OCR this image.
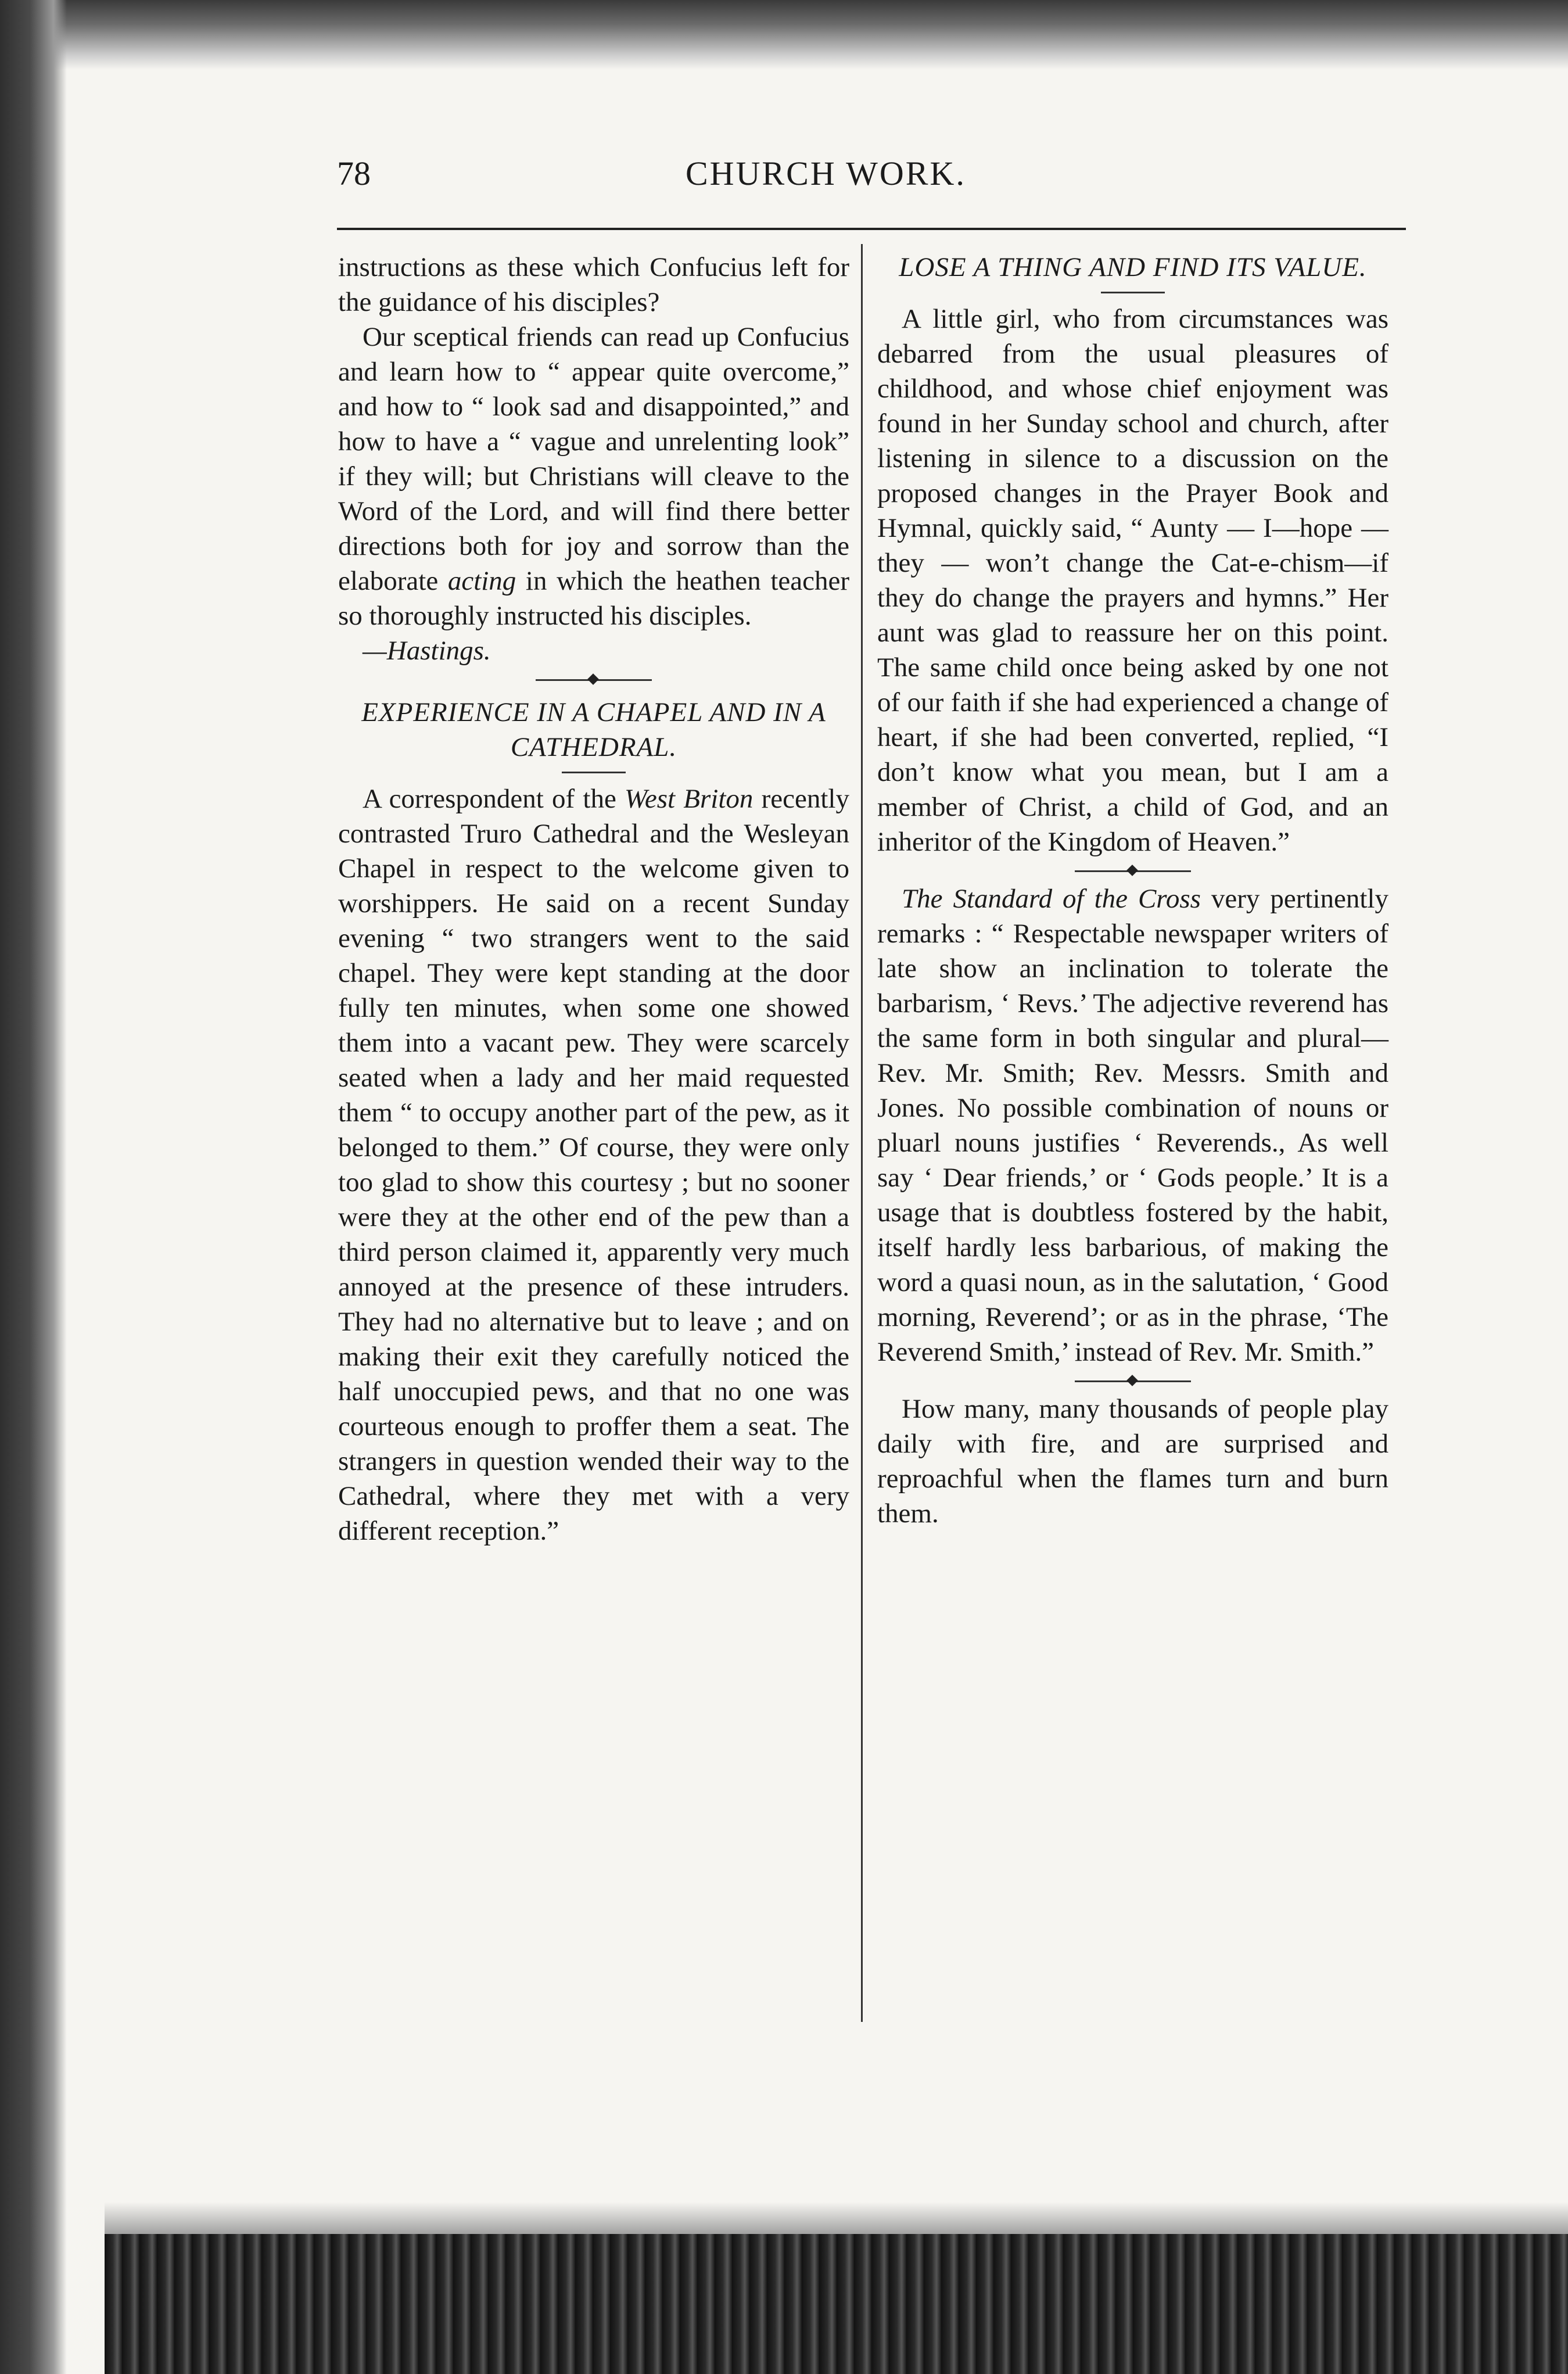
78	CHURCH WORK.

instructions as these which Confucius left for the guidance of his disciples?

Our sceptical friends can read up Confucius and learn how to “ appear quite overcome,” and how to “ look sad and disappointed,” and how to have a “ vague and unrelenting look” if they will; but Christians will cleave to the Word of the Lord, and will find there better directions both for joy and sorrow than the elaborate acting in which the heathen teacher so thoroughly instructed his disciples.

—Hastings.

EXPERIENCE IN A CHAPEL AND IN A CATHEDRAL.

A correspondent of the West Briton recently contrasted Truro Cathedral and the Wesleyan Chapel in respect to the welcome given to worshippers. He said on a recent Sunday evening “ two strangers went to the said chapel. They were kept standing at the door fully ten minutes, when some one showed them into a vacant pew. They were scarcely seated when a lady and her maid requested them “ to occupy another part of the pew, as it belonged to them.” Of course, they were only too glad to show this courtesy ; but no sooner were they at the other end of the pew than a third person claimed it, apparently very much annoyed at the presence of these intruders. They had no alternative but to leave ; and on making their exit they carefully noticed the half unoccupied pews, and that no one was courteous enough to proffer them a seat. The strangers in question wended their way to the Cathedral, where they met with a very different reception.”

LOSE A THING AND FIND ITS VALUE.

A little girl, who from circumstances was debarred from the usual pleasures of childhood, and whose chief enjoyment was found in her Sunday school and church, after listening in silence to a discussion on the proposed changes in the Prayer Book and Hymnal, quickly said, “ Aunty — I—hope — they — won’t change the Cat-e-chism—if they do change the prayers and hymns.” Her aunt was glad to reassure her on this point. The same child once being asked by one not of our faith if she had experienced a change of heart, if she had been converted, replied, “I don’t know what you mean, but I am a member of Christ, a child of God, and an inheritor of the Kingdom of Heaven.”

The Standard of the Cross very pertinently remarks : “ Respectable newspaper writers of late show an inclination to tolerate the barbarism, ‘ Revs.’ The adjective reverend has the same form in both singular and plural—Rev. Mr. Smith; Rev. Messrs. Smith and Jones. No possible combination of nouns or pluarl nouns justifies ‘ Reverends., As well say ‘ Dear friends,’ or ‘ Gods people.’ It is a usage that is doubtless fostered by the habit, itself hardly less barbarious, of making the word a quasi noun, as in the salutation, ‘ Good morning, Reverend’; or as in the phrase, ‘The Reverend Smith,’ instead of Rev. Mr. Smith.”

How many, many thousands of people play daily with fire, and are surprised and reproachful when the flames turn and burn them.
